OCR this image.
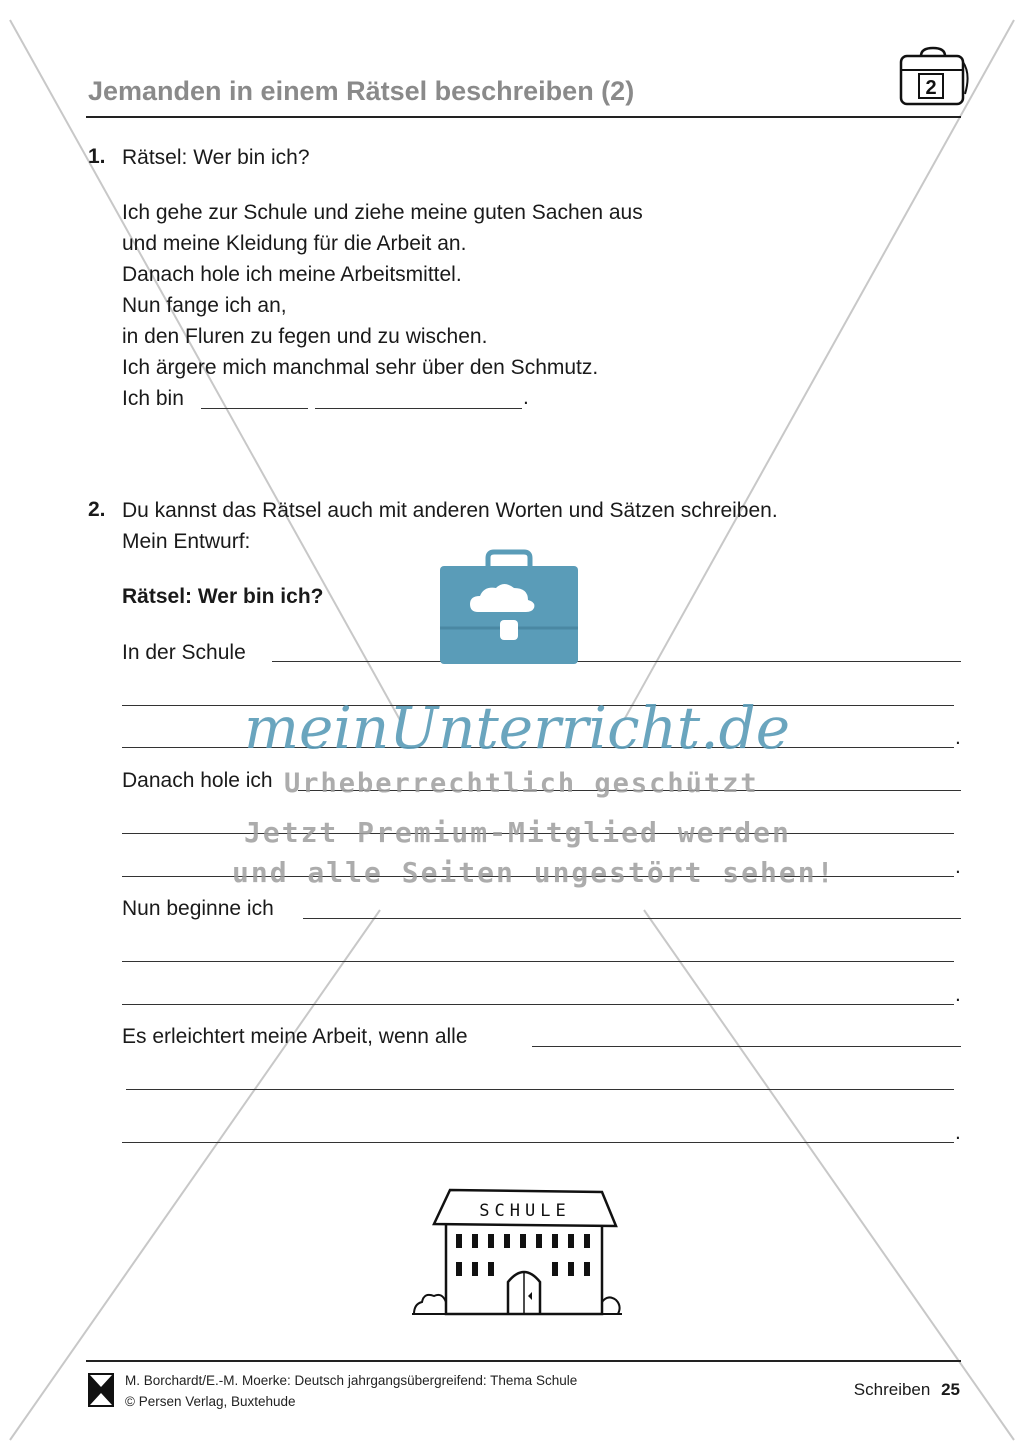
Jemanden in einem Rätsel beschreiben (2)	2
1. Rätsel: Wer bin ich?
Ich gehe zur Schule und ziehe meine guten Sachen aus
und meine Kleidung für die Arbeit an.
Danach hole ich meine Arbeitsmittel.
Nun fange ich an,
in den Fluren zu fegen und zu wischen.
Ich ärgere mich manchmal sehr über den Schmutz.
Ich bin	.
2. Du kannst das Rätsel auch mit anderen Worten und Sätzen schreiben.
Mein Entwurf:
Rätsel: Wer bin ich?
In der Schule
.
Danach hole ich
.
Nun beginne ich
.
Es erleichtert meine Arbeit, wenn alle
.
meinUnterricht.de
Urheberrechtlich geschützt
Jetzt Premium-Mitglied werden
und alle Seiten ungestört sehen!
SCHULE
Persen
M. Borchardt/E.-M. Moerke: Deutsch jahrgangsübergreifend: Thema Schule
© Persen Verlag, Buxtehude
Schreiben 25
